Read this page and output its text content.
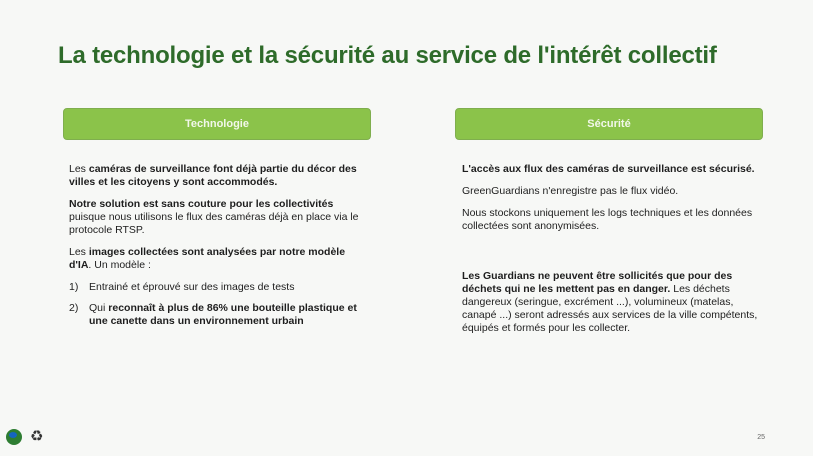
La technologie et la sécurité au service de l'intérêt collectif
Technologie	Sécurité

Les caméras de surveillance font déjà partie du décor des villes et les citoyens y sont accommodés.

Notre solution est sans couture pour les collectivités puisque nous utilisons le flux des caméras déjà en place via le protocole RTSP.

Les images collectées sont analysées par notre modèle d'IA. Un modèle :

1)	Entrainé et éprouvé sur des images de tests
2)	Qui reconnaît à plus de 86% une bouteille plastique et une canette dans un environnement urbain

L'accès aux flux des caméras de surveillance est sécurisé.

GreenGuardians n'enregistre pas le flux vidéo.

Nous stockons uniquement les logs techniques et les données collectées sont anonymisées.

Les Guardians ne peuvent être sollicités que pour des déchets qui ne les mettent pas en danger. Les déchets dangereux (seringue, excrément ...), volumineux (matelas, canapé ...) seront adressés aux services de la ville compétents, équipés et formés pour les collecter.

♻	25
